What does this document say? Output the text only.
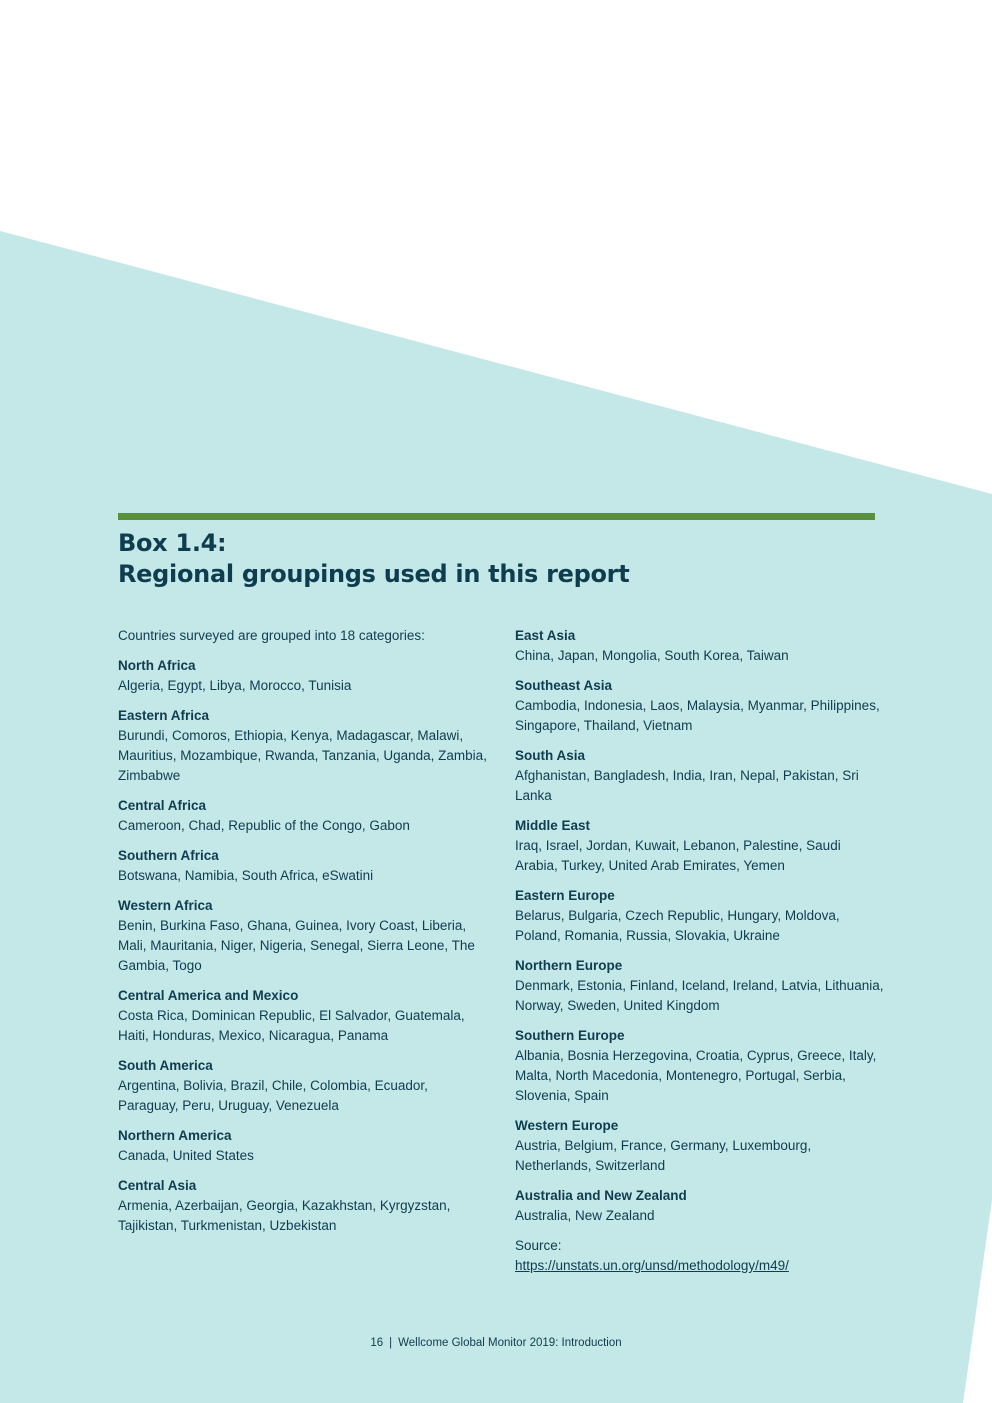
Box 1.4:
Regional groupings used in this report
Countries surveyed are grouped into 18 categories:
North Africa
Algeria, Egypt, Libya, Morocco, Tunisia
Eastern Africa
Burundi, Comoros, Ethiopia, Kenya, Madagascar, Malawi, Mauritius, Mozambique, Rwanda, Tanzania, Uganda, Zambia, Zimbabwe
Central Africa
Cameroon, Chad, Republic of the Congo, Gabon
Southern Africa
Botswana, Namibia, South Africa, eSwatini
Western Africa
Benin, Burkina Faso, Ghana, Guinea, Ivory Coast, Liberia, Mali, Mauritania, Niger, Nigeria, Senegal, Sierra Leone, The Gambia, Togo
Central America and Mexico
Costa Rica, Dominican Republic, El Salvador, Guatemala, Haiti, Honduras, Mexico, Nicaragua, Panama
South America
Argentina, Bolivia, Brazil, Chile, Colombia, Ecuador, Paraguay, Peru, Uruguay, Venezuela
Northern America
Canada, United States
Central Asia
Armenia, Azerbaijan, Georgia, Kazakhstan, Kyrgyzstan, Tajikistan, Turkmenistan, Uzbekistan
East Asia
China, Japan, Mongolia, South Korea, Taiwan
Southeast Asia
Cambodia, Indonesia, Laos, Malaysia, Myanmar, Philippines, Singapore, Thailand, Vietnam
South Asia
Afghanistan, Bangladesh, India, Iran, Nepal, Pakistan, Sri Lanka
Middle East
Iraq, Israel, Jordan, Kuwait, Lebanon, Palestine, Saudi Arabia, Turkey, United Arab Emirates, Yemen
Eastern Europe
Belarus, Bulgaria, Czech Republic, Hungary, Moldova, Poland, Romania, Russia, Slovakia, Ukraine
Northern Europe
Denmark, Estonia, Finland, Iceland, Ireland, Latvia, Lithuania, Norway, Sweden, United Kingdom
Southern Europe
Albania, Bosnia Herzegovina, Croatia, Cyprus, Greece, Italy, Malta, North Macedonia, Montenegro, Portugal, Serbia, Slovenia, Spain
Western Europe
Austria, Belgium, France, Germany, Luxembourg, Netherlands, Switzerland
Australia and New Zealand
Australia, New Zealand
Source:
https://unstats.un.org/unsd/methodology/m49/
16 | Wellcome Global Monitor 2019: Introduction
